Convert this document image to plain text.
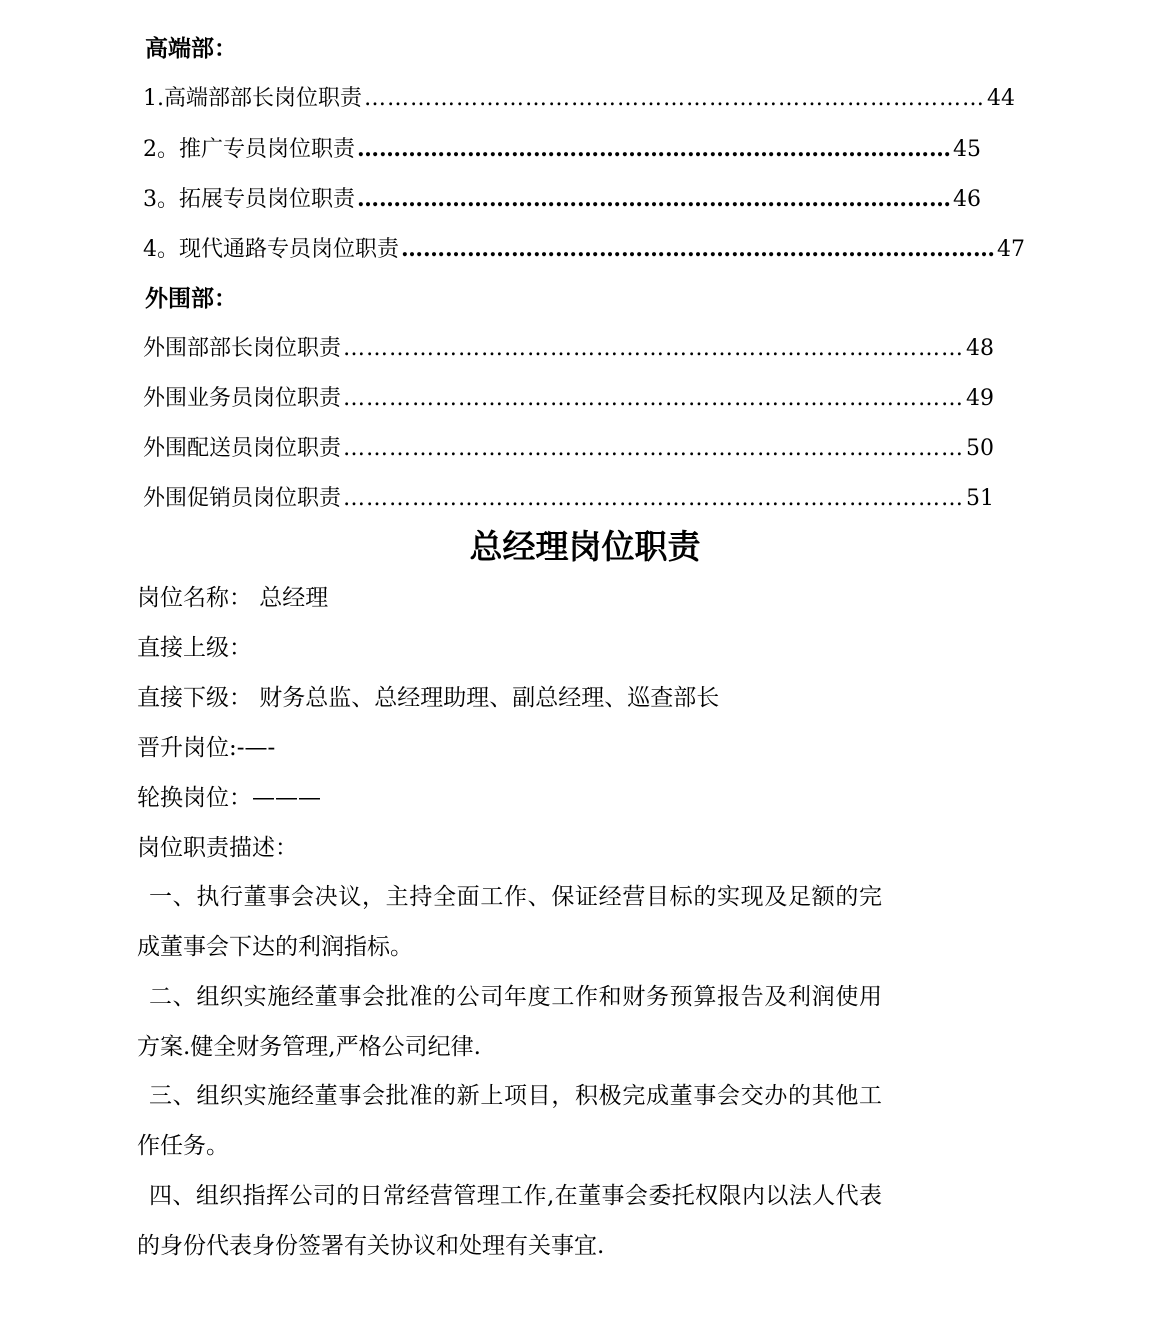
高端部：
1.高端部部长岗位职责 ……………………………………………………………………… 44
2。推广专员岗位职责 ……………………………………………………………………… 45
3。拓展专员岗位职责 ……………………………………………………………………… 46
4。现代通路专员岗位职责 ……………………………………………………………………… 47
外围部：
外围部部长岗位职责 ……………………………………………………………………… 48
外围业务员岗位职责 ……………………………………………………………………… 49
外围配送员岗位职责 ……………………………………………………………………… 50
外围促销员岗位职责 ……………………………………………………………………… 51
总经理岗位职责
岗位名称： 总经理
直接上级：
直接下级： 财务总监、总经理助理、副总经理、巡查部长
晋升岗位:-—-
轮换岗位：———
岗位职责描述：
一、执行董事会决议，主持全面工作、保证经营目标的实现及足额的完成董事会下达的利润指标。
二、组织实施经董事会批准的公司年度工作和财务预算报告及利润使用方案.健全财务管理,严格公司纪律.
三、组织实施经董事会批准的新上项目，积极完成董事会交办的其他工作任务。
四、组织指挥公司的日常经营管理工作,在董事会委托权限内以法人代表的身份代表身份签署有关协议和处理有关事宜.
